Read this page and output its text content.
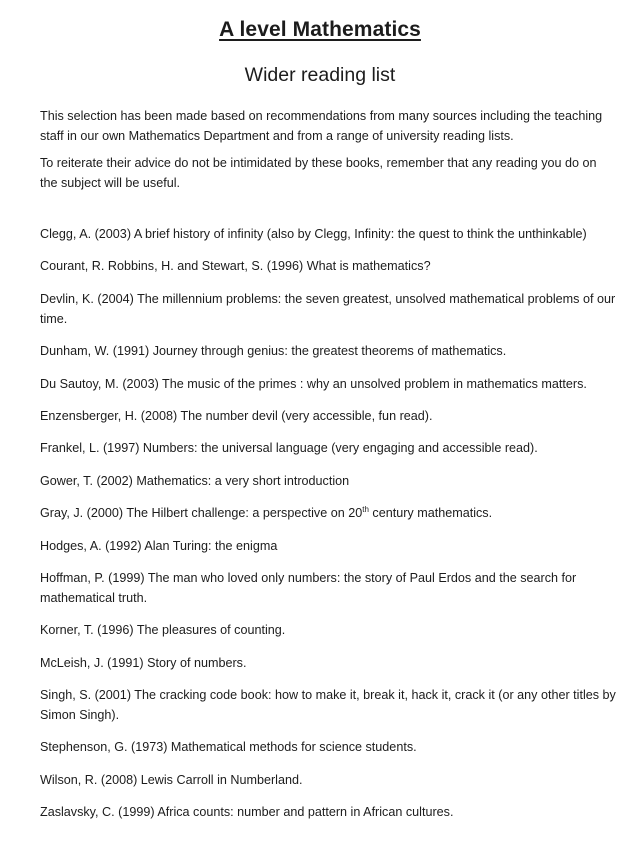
A level Mathematics
Wider reading list

This selection has been made based on recommendations from many sources including the teaching staff in our own Mathematics Department and from a range of university reading lists.

To reiterate their advice do not be intimidated by these books, remember that any reading you do on the subject will be useful.

Clegg, A. (2003) A brief history of infinity (also by Clegg, Infinity: the quest to think the unthinkable)
Courant, R. Robbins, H. and Stewart, S. (1996) What is mathematics?
Devlin, K. (2004) The millennium problems: the seven greatest, unsolved mathematical problems of our time.
Dunham, W. (1991) Journey through genius: the greatest theorems of mathematics.
Du Sautoy, M. (2003) The music of the primes : why an unsolved problem in mathematics matters.
Enzensberger, H. (2008) The number devil (very accessible, fun read).
Frankel, L. (1997) Numbers: the universal language (very engaging and accessible read).
Gower, T. (2002) Mathematics: a very short introduction
Gray, J. (2000) The Hilbert challenge: a perspective on 20th century mathematics.
Hodges, A. (1992) Alan Turing: the enigma
Hoffman, P. (1999) The man who loved only numbers: the story of Paul Erdos and the search for mathematical truth.
Korner, T. (1996) The pleasures of counting.
McLeish, J. (1991) Story of numbers.
Singh, S. (2001) The cracking code book: how to make it, break it, hack it, crack it (or any other titles by Simon Singh).
Stephenson, G. (1973) Mathematical methods for science students.
Wilson, R. (2008) Lewis Carroll in Numberland.
Zaslavsky, C. (1999) Africa counts: number and pattern in African cultures.
